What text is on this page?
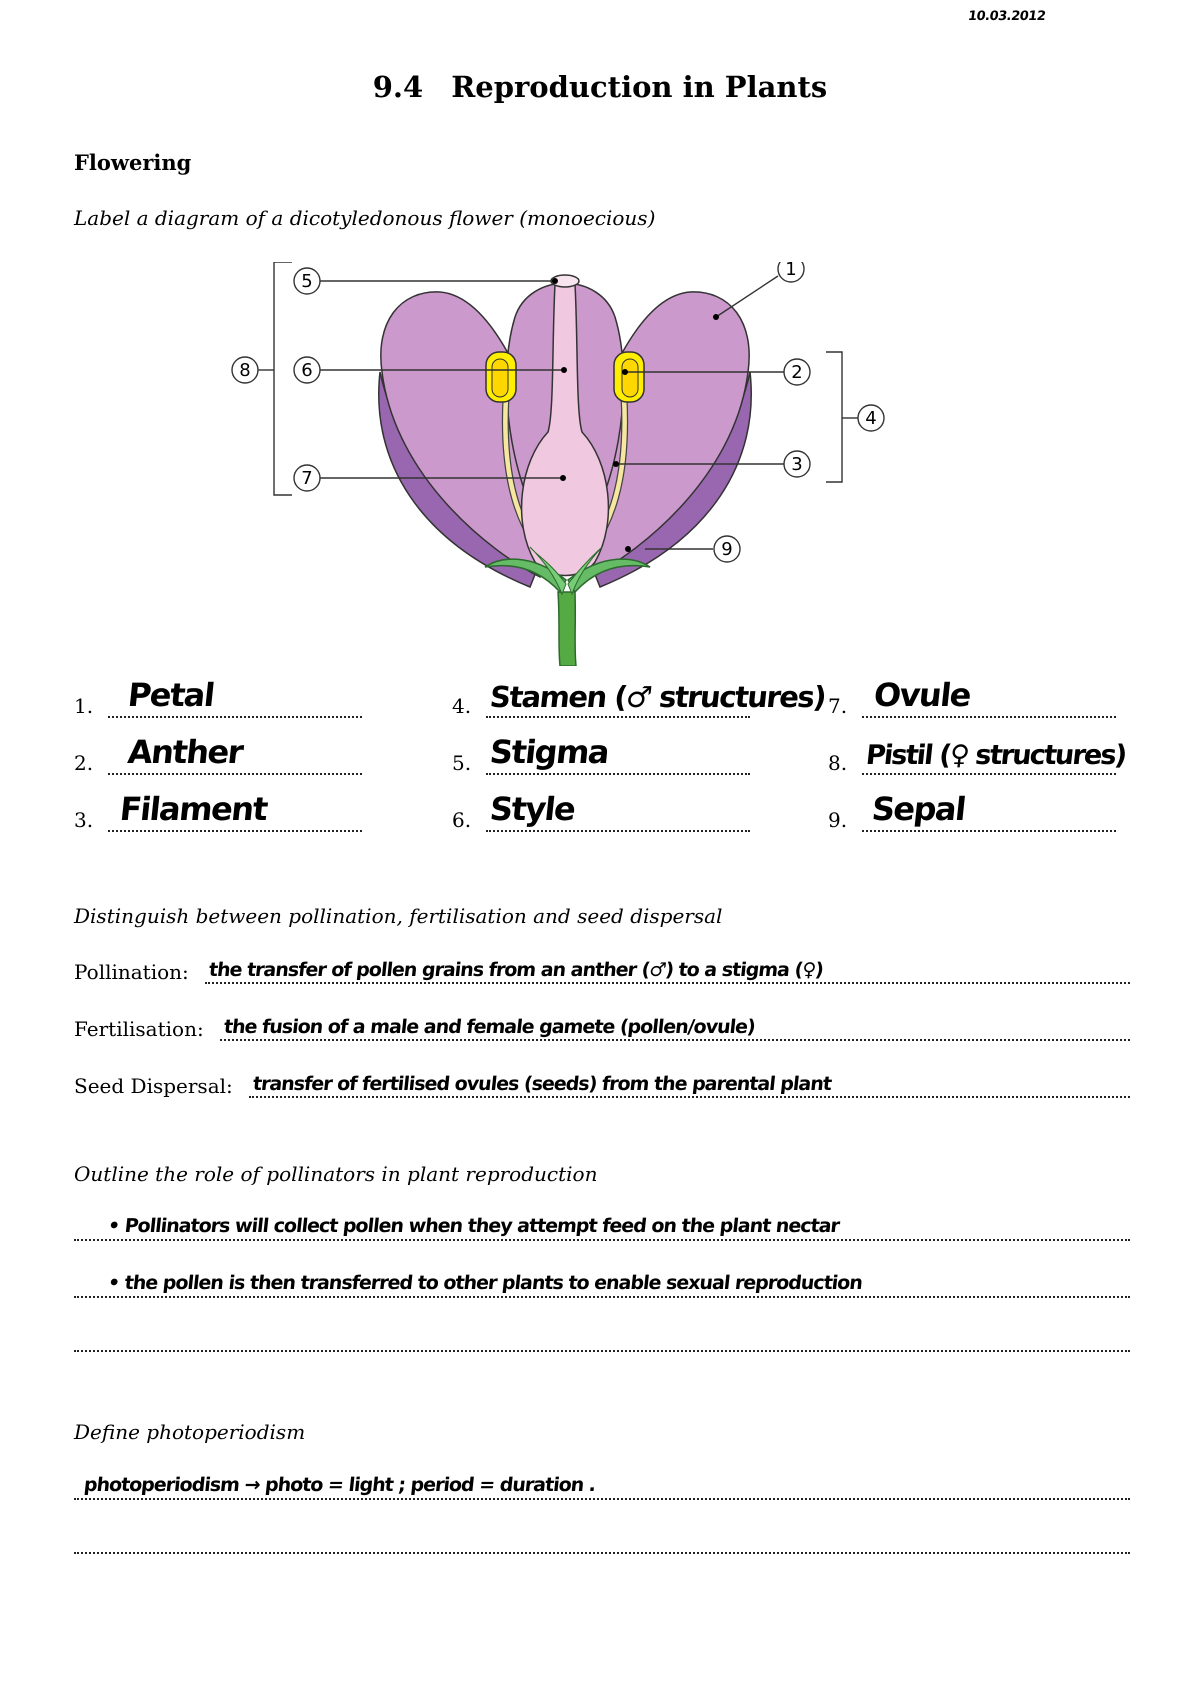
10.03.2012
9.4 Reproduction in Plants
Flowering
Label a diagram of a dicotyledonous flower (monoecious)
5
6
7
8
1
2
3
4
9
1.	Petal
2.	Anther
3. Filament
4. Stamen (♂ structures)
5. Stigma
6. Style
7. Ovule
8. Pistil (♀ structures)
9. Sepal
Distinguish between pollination, fertilisation and seed dispersal
Pollination: the transfer of pollen grains from an anther (♂) to a stigma (♀)
Fertilisation: the fusion of a male and female gamete (pollen/ovule)
Seed Dispersal: transfer of fertilised ovules (seeds) from the parental plant
Outline the role of pollinators in plant reproduction
• Pollinators will collect pollen when they attempt feed on the plant nectar
• the pollen is then transferred to other plants to enable sexual reproduction
Define photoperiodism
photoperiodism → photo = light ; period = duration .
